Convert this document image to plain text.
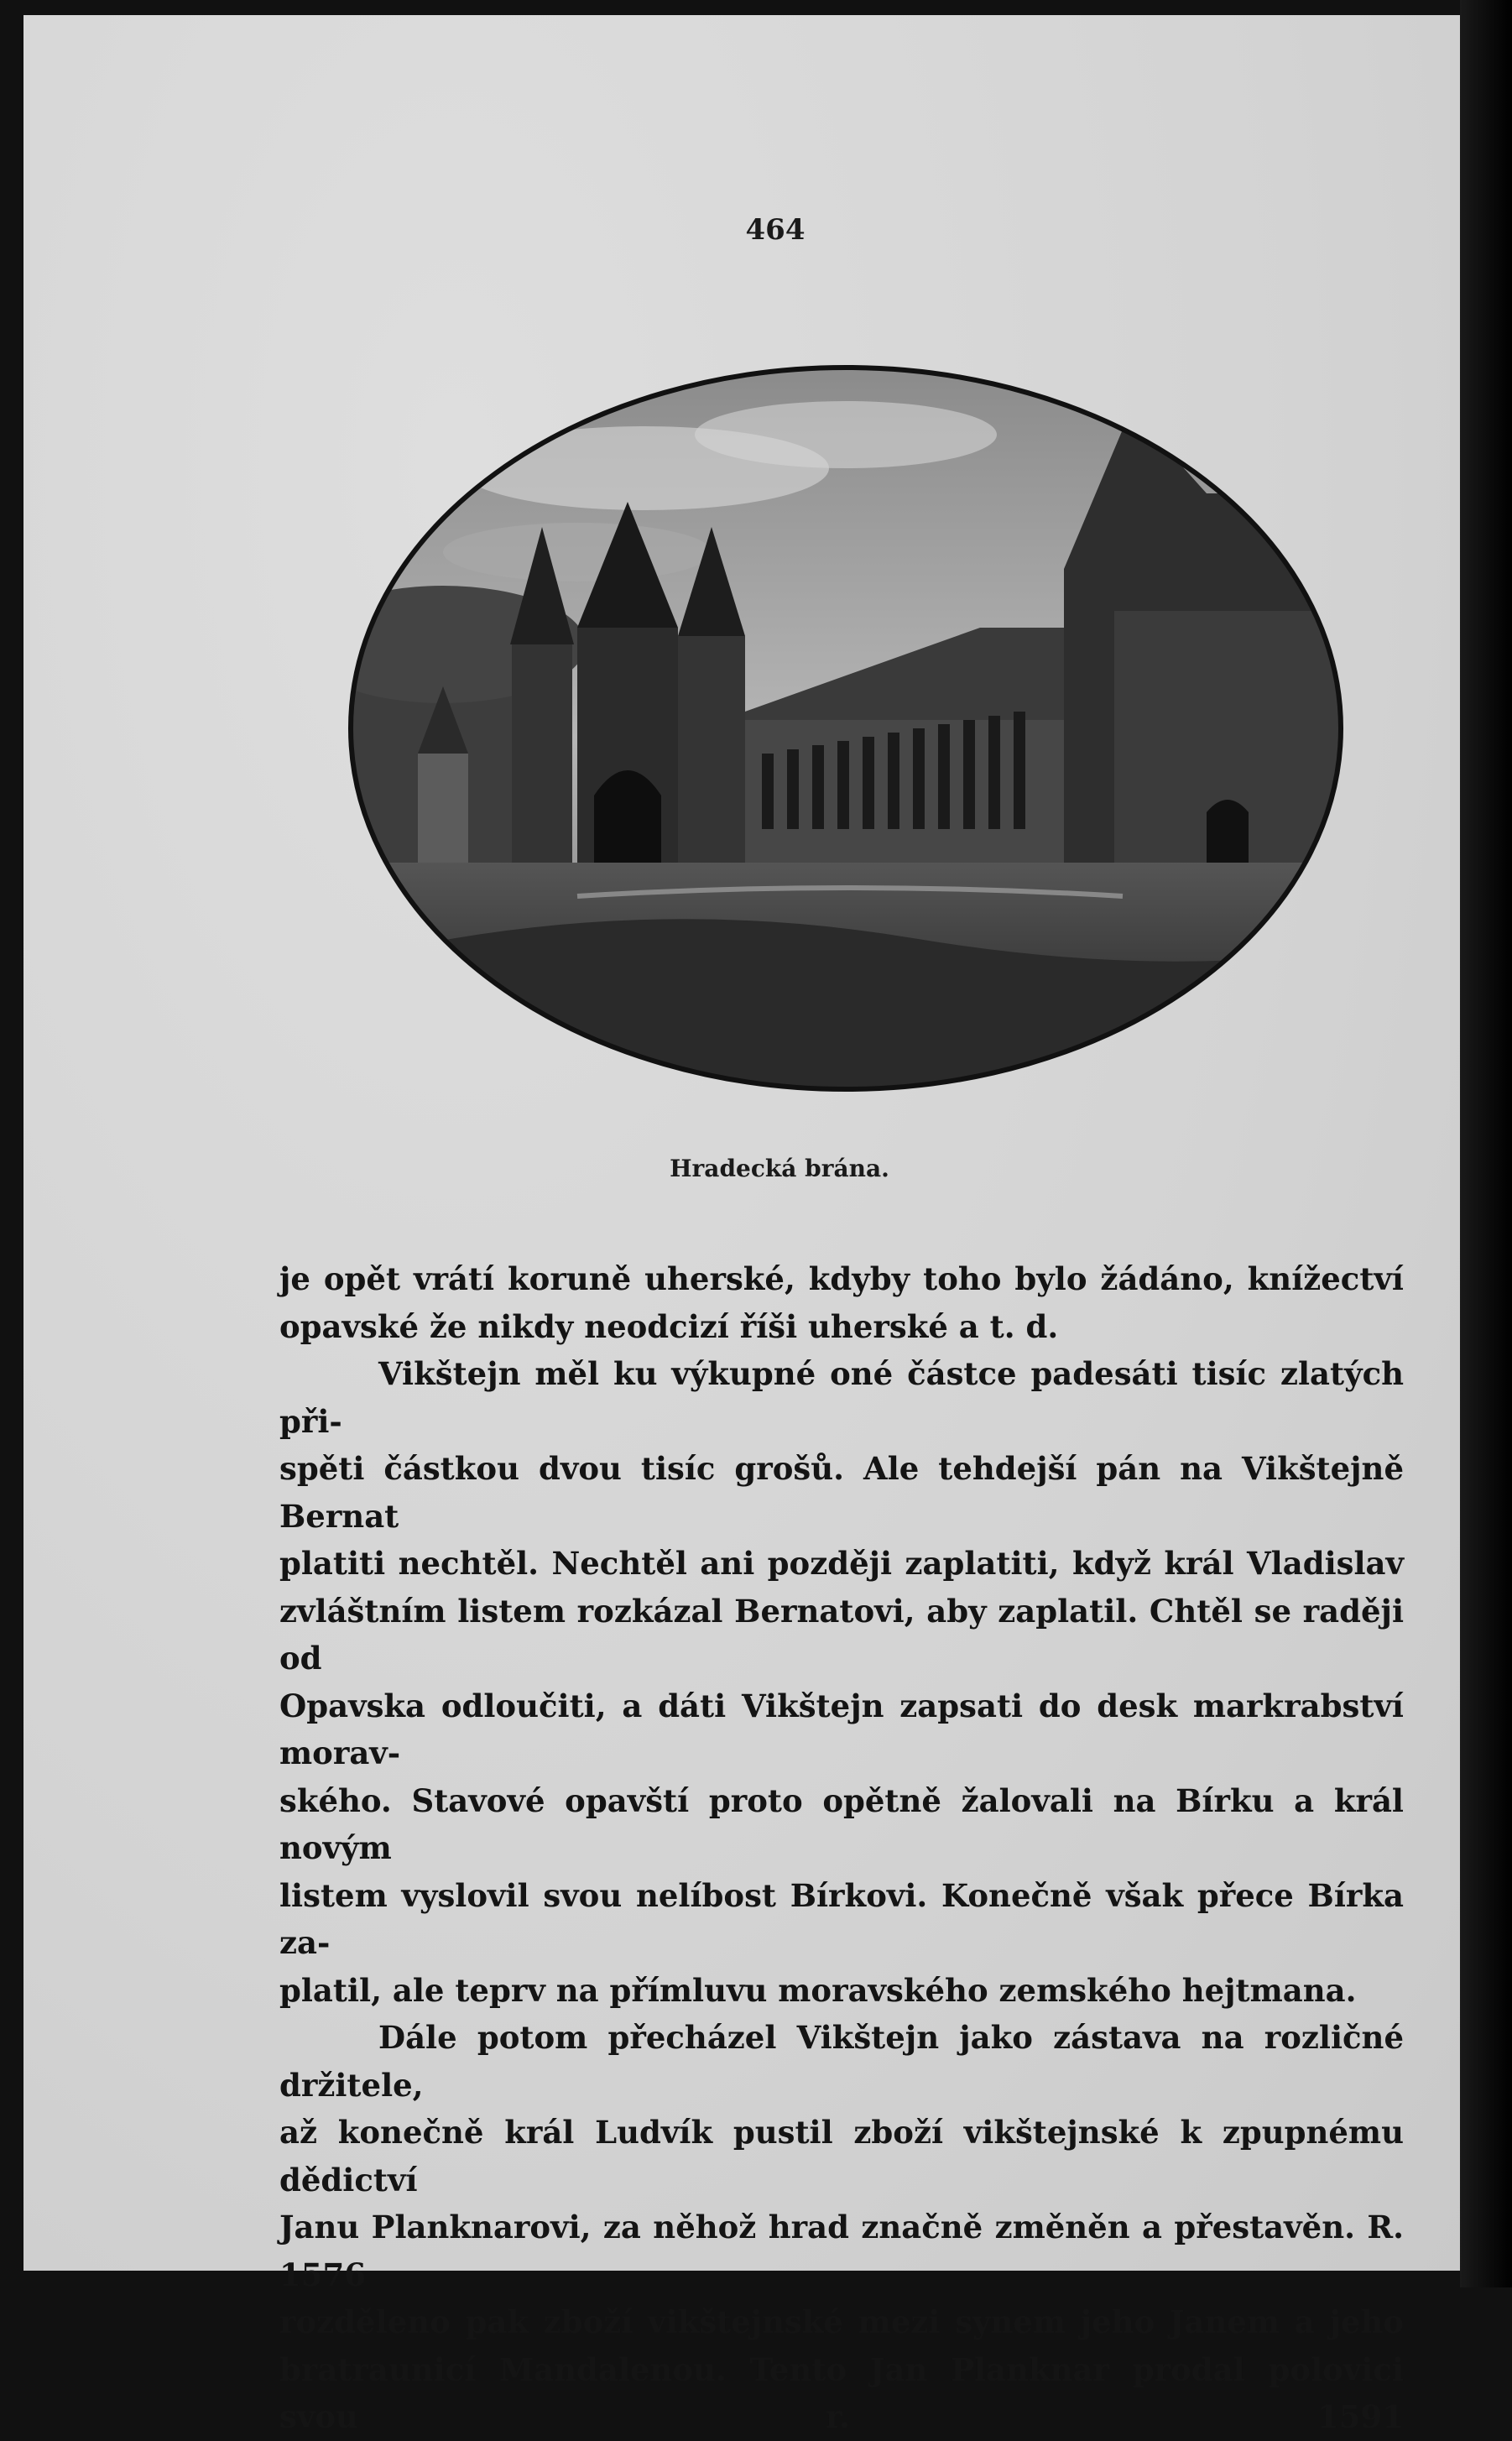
464
Hradecká brána.

je opět vrátí koruně uherské, kdyby toho bylo žádáno, knížectví

opavské že nikdy neodcizí říši uherské a t. d.

Vikštejn měl ku výkupné oné částce padesáti tisíc zlatých při-

spěti částkou dvou tisíc grošů. Ale tehdejší pán na Vikštejně Bernat
platiti nechtěl. Nechtěl ani později zaplatiti, když král Vladislav
zvláštním listem rozkázal Bernatovi, aby zaplatil. Chtěl se raději od
Opavska odloučiti, a dáti Vikštejn zapsati do desk markrabství morav-
ského. Stavové opavští proto opětně žalovali na Bírku a král novým
listem vyslovil svou nelíbost Bírkovi. Konečně však přece Bírka za-

platil, ale teprv na přímluvu moravského zemského hejtmana.

Dále potom přecházel Vikštejn jako zástava na rozličné držitele,
až konečně král Ludvík pustil zboží vikštejnské k zpupnému dědictví
Janu Planknarovi, za něhož hrad značně změněn a přestavěn. R. 1576
rozděleno pak zboží vikštejnské mezi synem jeho Janem a jeho
bratraunicí Mandalenou. Tento Jan Planknar prodal polovici svou r. 1591
